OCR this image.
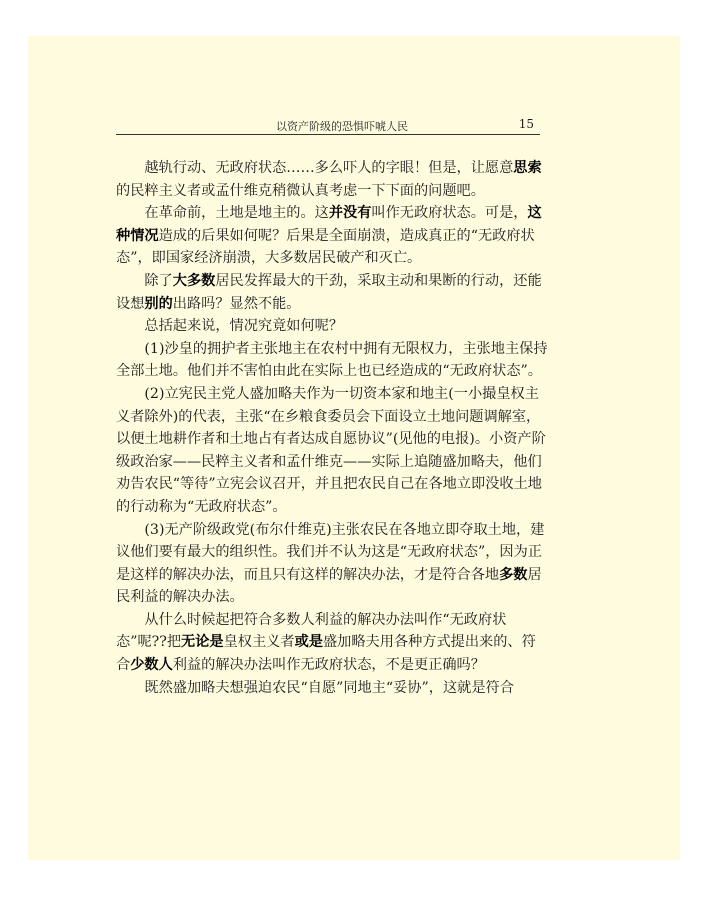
以资产阶级的恐惧吓唬人民	15

越轨行动、无政府状态……多么吓人的字眼！但是，让愿意思索的民粹主义者或孟什维克稍微认真考虑一下下面的问题吧。

在革命前，土地是地主的。这并没有叫作无政府状态。可是，这种情况造成的后果如何呢？后果是全面崩溃，造成真正的“无政府状态”，即国家经济崩溃，大多数居民破产和灭亡。

除了大多数居民发挥最大的干劲，采取主动和果断的行动，还能设想别的出路吗？显然不能。

总括起来说，情况究竟如何呢？

(1)沙皇的拥护者主张地主在农村中拥有无限权力，主张地主保持全部土地。他们并不害怕由此在实际上也已经造成的“无政府状态”。

(2)立宪民主党人盛加略夫作为一切资本家和地主(一小撮皇权主义者除外)的代表，主张“在乡粮食委员会下面设立土地问题调解室，以便土地耕作者和土地占有者达成自愿协议”(见他的电报)。小资产阶级政治家——民粹主义者和孟什维克——实际上追随盛加略夫，他们劝告农民“等待”立宪会议召开，并且把农民自己在各地立即没收土地的行动称为“无政府状态”。

(3)无产阶级政党(布尔什维克)主张农民在各地立即夺取土地，建议他们要有最大的组织性。我们并不认为这是“无政府状态”，因为正是这样的解决办法，而且只有这样的解决办法，才是符合各地多数居民利益的解决办法。

从什么时候起把符合多数人利益的解决办法叫作“无政府状态”呢??把无论是皇权主义者或是盛加略夫用各种方式提出来的、符合少数人利益的解决办法叫作无政府状态，不是更正确吗？

既然盛加略夫想强迫农民“自愿”同地主“妥协”，这就是符合
